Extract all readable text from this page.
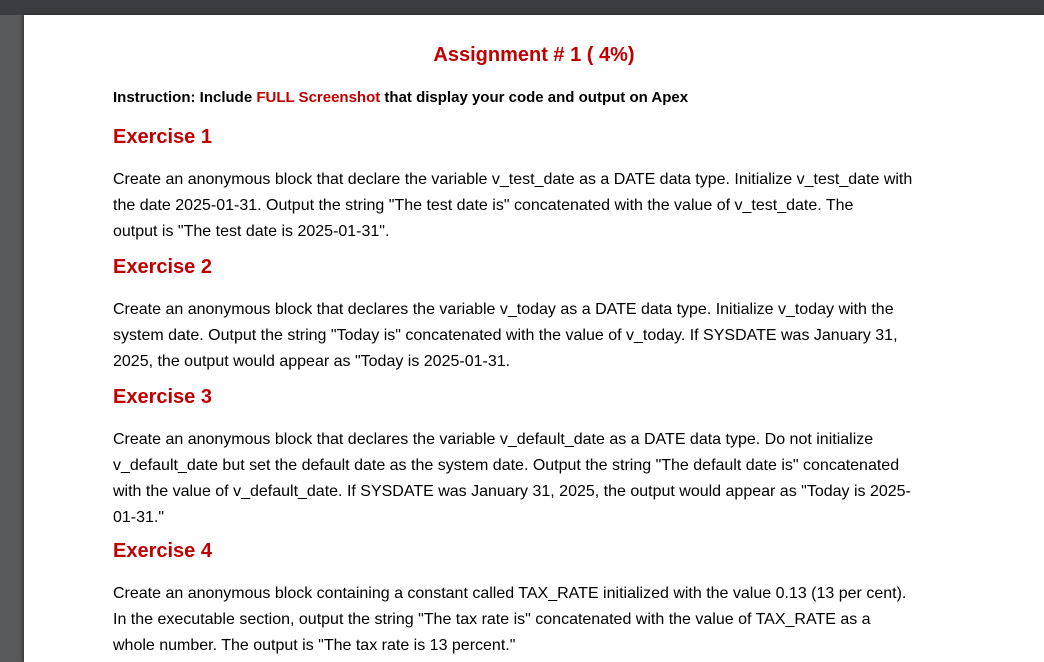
Assignment # 1 ( 4%)
Instruction: Include FULL Screenshot that display your code and output on Apex
Exercise 1
Create an anonymous block that declare the variable v_test_date as a DATE data type. Initialize v_test_date with
the date 2025-01-31. Output the string "The test date is" concatenated with the value of v_test_date. The
output is "The test date is 2025-01-31".
Exercise 2
Create an anonymous block that declares the variable v_today as a DATE data type. Initialize v_today with the
system date. Output the string "Today is" concatenated with the value of v_today. If SYSDATE was January 31,
2025, the output would appear as "Today is 2025-01-31.
Exercise 3
Create an anonymous block that declares the variable v_default_date as a DATE data type. Do not initialize
v_default_date but set the default date as the system date. Output the string "The default date is" concatenated
with the value of v_default_date. If SYSDATE was January 31, 2025, the output would appear as "Today is 2025-
01-31."
Exercise 4
Create an anonymous block containing a constant called TAX_RATE initialized with the value 0.13 (13 per cent).
In the executable section, output the string "The tax rate is" concatenated with the value of TAX_RATE as a
whole number. The output is "The tax rate is 13 percent."
